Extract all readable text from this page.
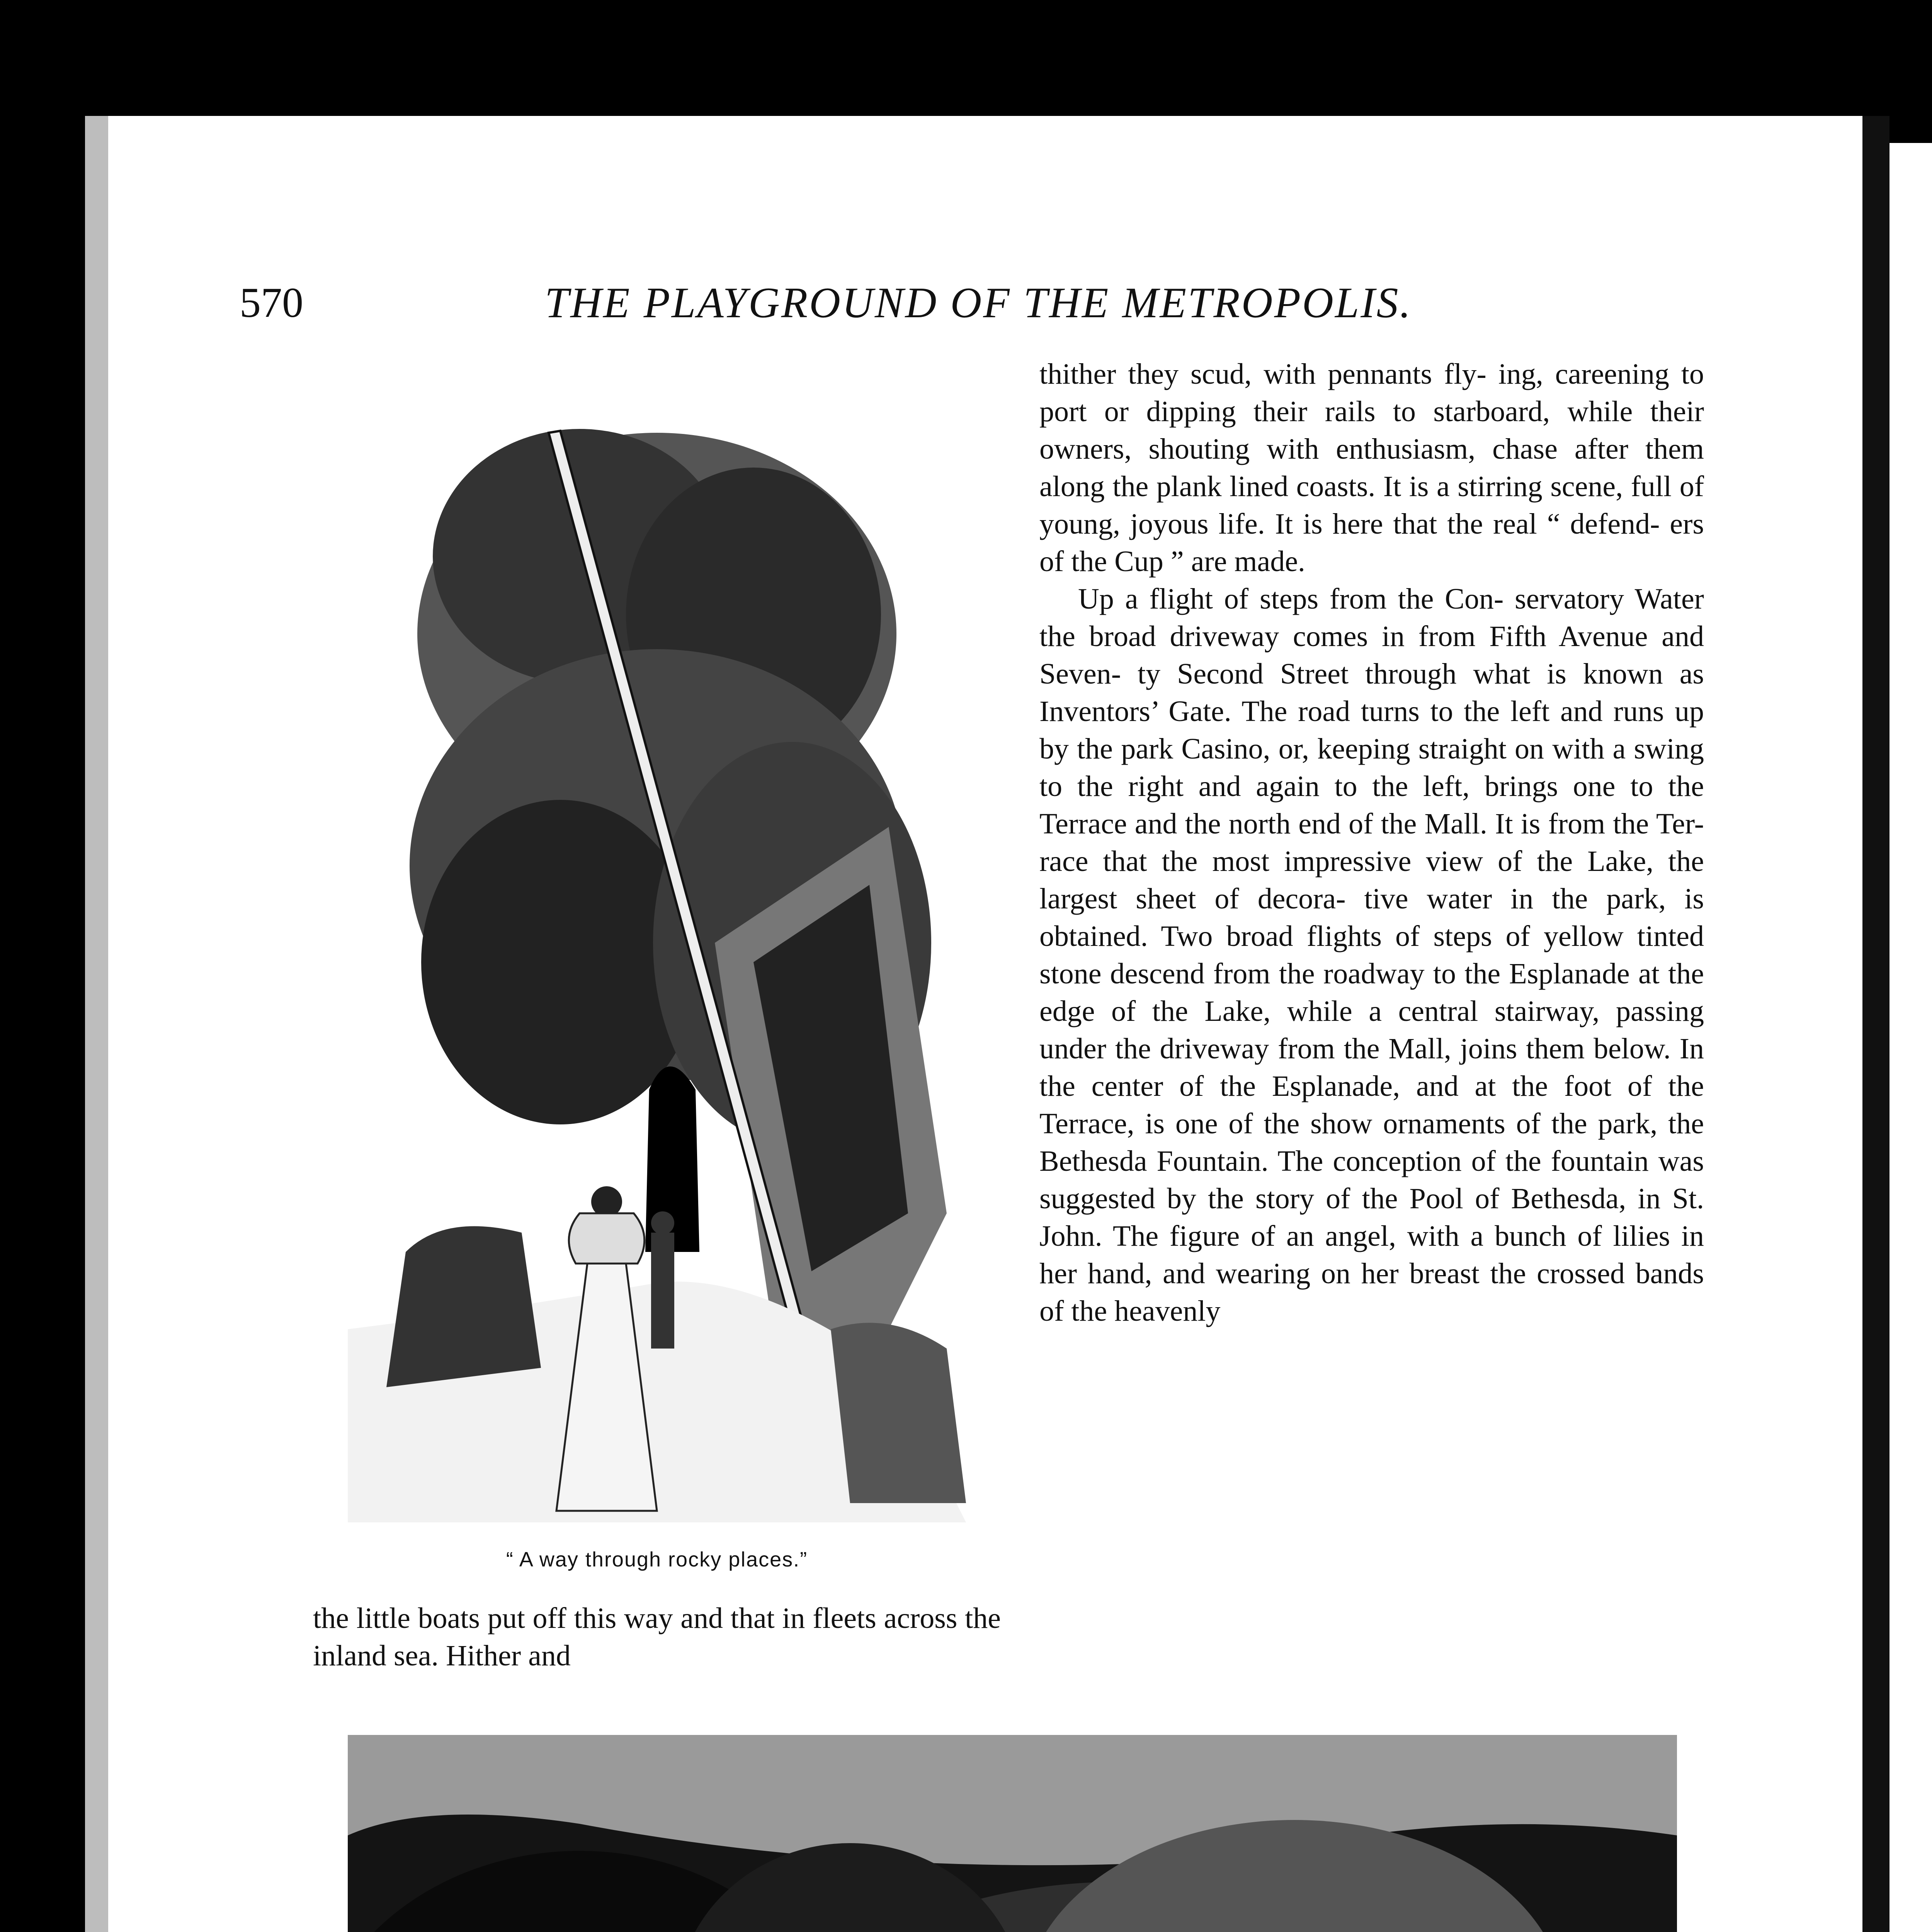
570	THE PLAYGROUND OF THE METROPOLIS.
“ A way through rocky places.”

thither they scud, with pennants fly- ing, careening to port or dipping their rails to starboard, while their owners, shouting with enthusiasm, chase after them along the plank lined coasts. It is a stirring scene, full of young, joyous life. It is here that the real “ defend- ers of the Cup ” are made.

Up a flight of steps from the Con- servatory Water the broad driveway comes in from Fifth Avenue and Seven- ty Second Street through what is known as Inventors’ Gate. The road turns to the left and runs up by the park Casino, or, keeping straight on with a swing to the right and again to the left, brings one to the Terrace and the north end of the Mall. It is from the Ter- race that the most impressive view of the Lake, the largest sheet of decora- tive water in the park, is obtained. Two broad flights of steps of yellow tinted stone descend from the roadway to the Esplanade at the edge of the Lake, while a central stairway, passing under the driveway from the Mall, joins them below. In the center of the Esplanade, and at the foot of the Terrace, is one of the show ornaments of the park, the Bethesda Fountain. The conception of the fountain was suggested by the story of the Pool of Bethesda, in St. John. The figure of an angel, with a bunch of lilies in her hand, and wearing on her breast the crossed bands of the heavenly

the little boats put off this way and that in fleets across the inland sea. Hither and
